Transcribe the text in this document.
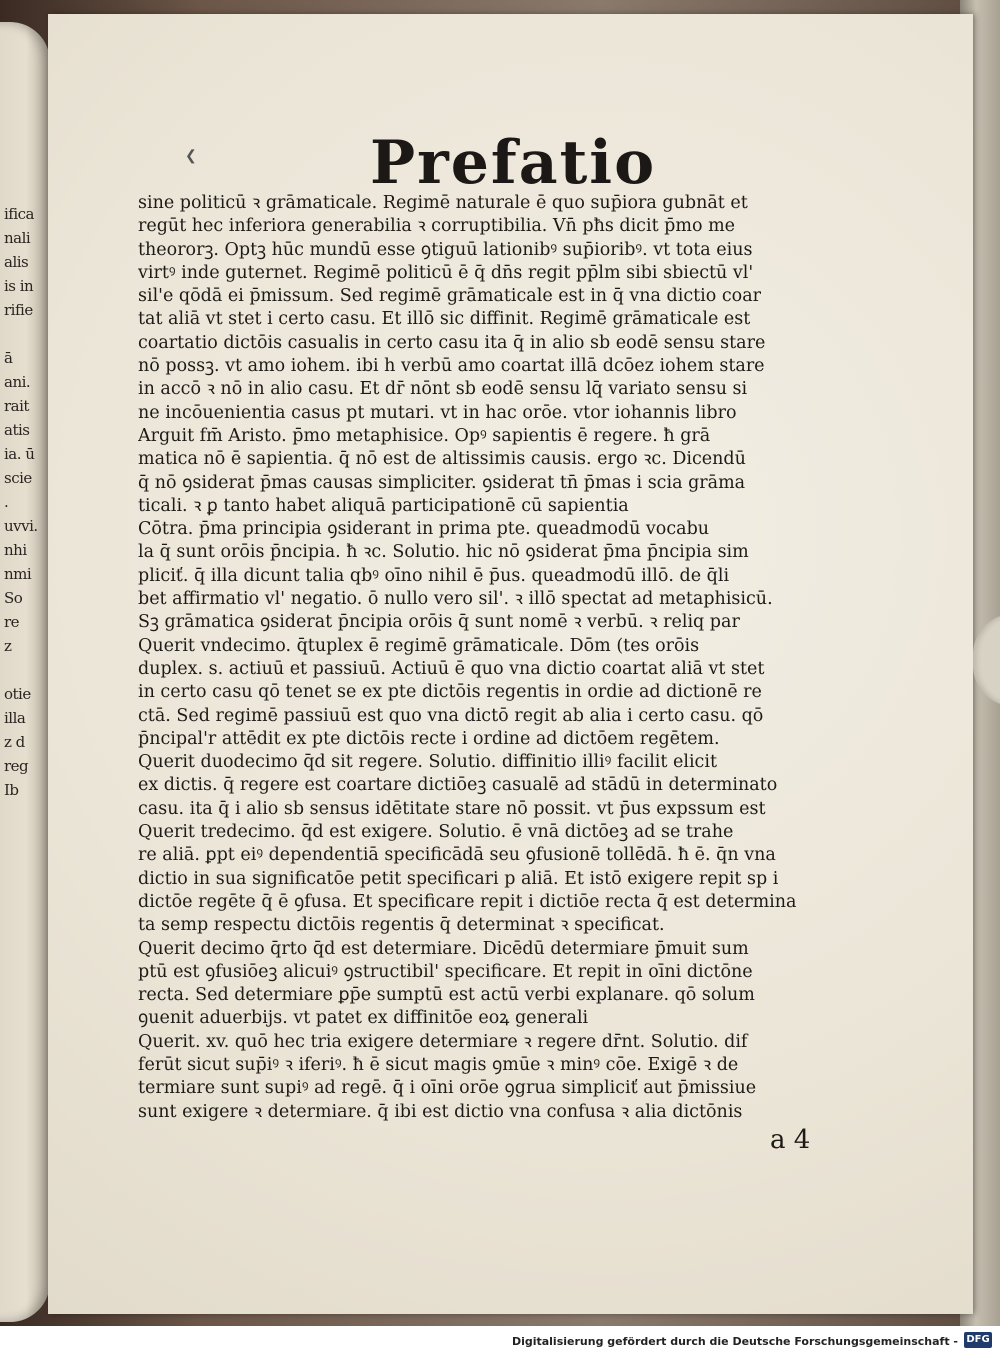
ifica
nali
alis
is in
rifie

ā
ani.
rait
atis
ia. ū
scie
.
uvvi.
nhi
nmi
So
re
z

otie
illa
z d
reg
Ib

❮	Prefatio
sine politicū ꝛ grāmaticale. Regimē naturale ē quo sup̄iora gubnāt et
regūt hec inferiora generabilia ꝛ corruptibilia. Vn̄ pħs dicit p̄mo me
theororꝫ. Optꝫ hūc mundū esse ꝯtiguū lationibꝰ sup̄ioribꝰ. vt tota eius
virtꝰ inde guternet. Regimē politicū ē q̄ dn̄s regit pp̄lm sibi sbiectū vl'
sil'e qōdā ei p̄missum. Sed regimē grāmaticale est in q̄ vna dictio coar
tat aliā vt stet i certo casu. Et illō sic diffinit. Regimē grāmaticale est
coartatio dictōis casualis in certo casu ita q̄ in alio sb̄ eodē sensu stare
nō possꝫ. vt amo iohem. ibi h̄ verbū amo coartat illā dcōez iohem stare
in accō ꝛ nō in alio casu. Et dr̄ nōnt sb̄ eodē sensu lq̄ variato sensu si
ne incōuenientia casus pt mutari. vt in hac orōe. vtor iohannis libro
Arguit fm̄ Aristo. p̄mo metaphisice. Opꝰ sapientis ē regere. ħ grā
matica nō ē sapientia. q̄ nō est de altissimis causis. ergo ꝛc. Dicendū
q̄ nō ꝯsiderat p̄mas causas simpliciter. ꝯsiderat tn̄ p̄mas i scia grāma
ticali. ꝛ ꝑ tanto habet aliquā participationē cū sapientia
Cōtra. p̄ma principia ꝯsiderant in prima pte. queadmodū vocabu
la q̄ sunt orōis p̄ncipia. ħ ꝛc. Solutio. hic nō ꝯsiderat p̄ma p̄ncipia sim
pliciť. q̄ illa dicunt talia qbꝰ oīno nihil ē p̄us. queadmodū illō. de q̄li
bet affirmatio vl' negatio. ō nullo vero sil'. ꝛ illō spectat ad metaphisicū.
Sꝫ grāmatica ꝯsiderat p̄ncipia orōis q̄ sunt nomē ꝛ verbū. ꝛ reliq par
Querit vndecimo. q̄tuplex ē regimē grāmaticale. Dōm (tes orōis
duplex. s. actiuū et passiuū. Actiuū ē quo vna dictio coartat aliā vt stet
in certo casu qō tenet se ex pte dictōis regentis in ordie ad dictionē re
ctā. Sed regimē passiuū est quo vna dictō regit ab alia i certo casu. qō
p̄ncipal'r attēdit ex pte dictōis recte i ordine ad dictōem regētem.
Querit duodecimo q̄d sit regere. Solutio. diffinitio illiꝰ facilit elicit
ex dictis. q̄ regere est coartare dictiōeꝫ casualē ad stādū in determinato
casu. ita q̄ i alio sb̄ sensus idētitate stare nō possit. vt p̄us expssum est
Querit tredecimo. q̄d est exigere. Solutio. ē vnā dictōeꝫ ad se trahe
re aliā. ꝑpt eiꝰ dependentiā specificādā seu ꝯfusionē tollēdā. ħ ē. q̄n vna
dictio in sua significatōe petit specificari p aliā. Et istō exigere repit sp i
dictōe regēte q̄ ē ꝯfusa. Et specificare repit i dictiōe recta q̄ est determina
ta semp respectu dictōis regentis q̄ determinat ꝛ specificat.
Querit decimo q̄rto q̄d est determiare. Dicēdū determiare p̄muit sum
ptū est ꝯfusiōeꝫ alicuiꝰ ꝯstructibil' specificare. Et repit in oīni dictōne
recta. Sed determiare ꝑp̄e sumptū est actū verbi explanare. qō solum
ꝯuenit aduerbijs. vt patet ex diffinitōe eoꝝ generali
Querit. xv. quō hec tria exigere determiare ꝛ regere dr̄nt. Solutio. dif
ferūt sicut sup̄iꝰ ꝛ iferiꝰ. ħ ē sicut magis ꝯmūe ꝛ minꝰ cōe. Exigē ꝛ de
termiare sunt supiꝰ ad regē. q̄ i oīni orōe ꝯgrua simpliciť aut p̄missiue
sunt exigere ꝛ determiare. q̄ ibi est dictio vna confusa ꝛ alia dictōnis
a 4
Digitalisierung gefördert durch die Deutsche Forschungsgemeinschaft - DFG
